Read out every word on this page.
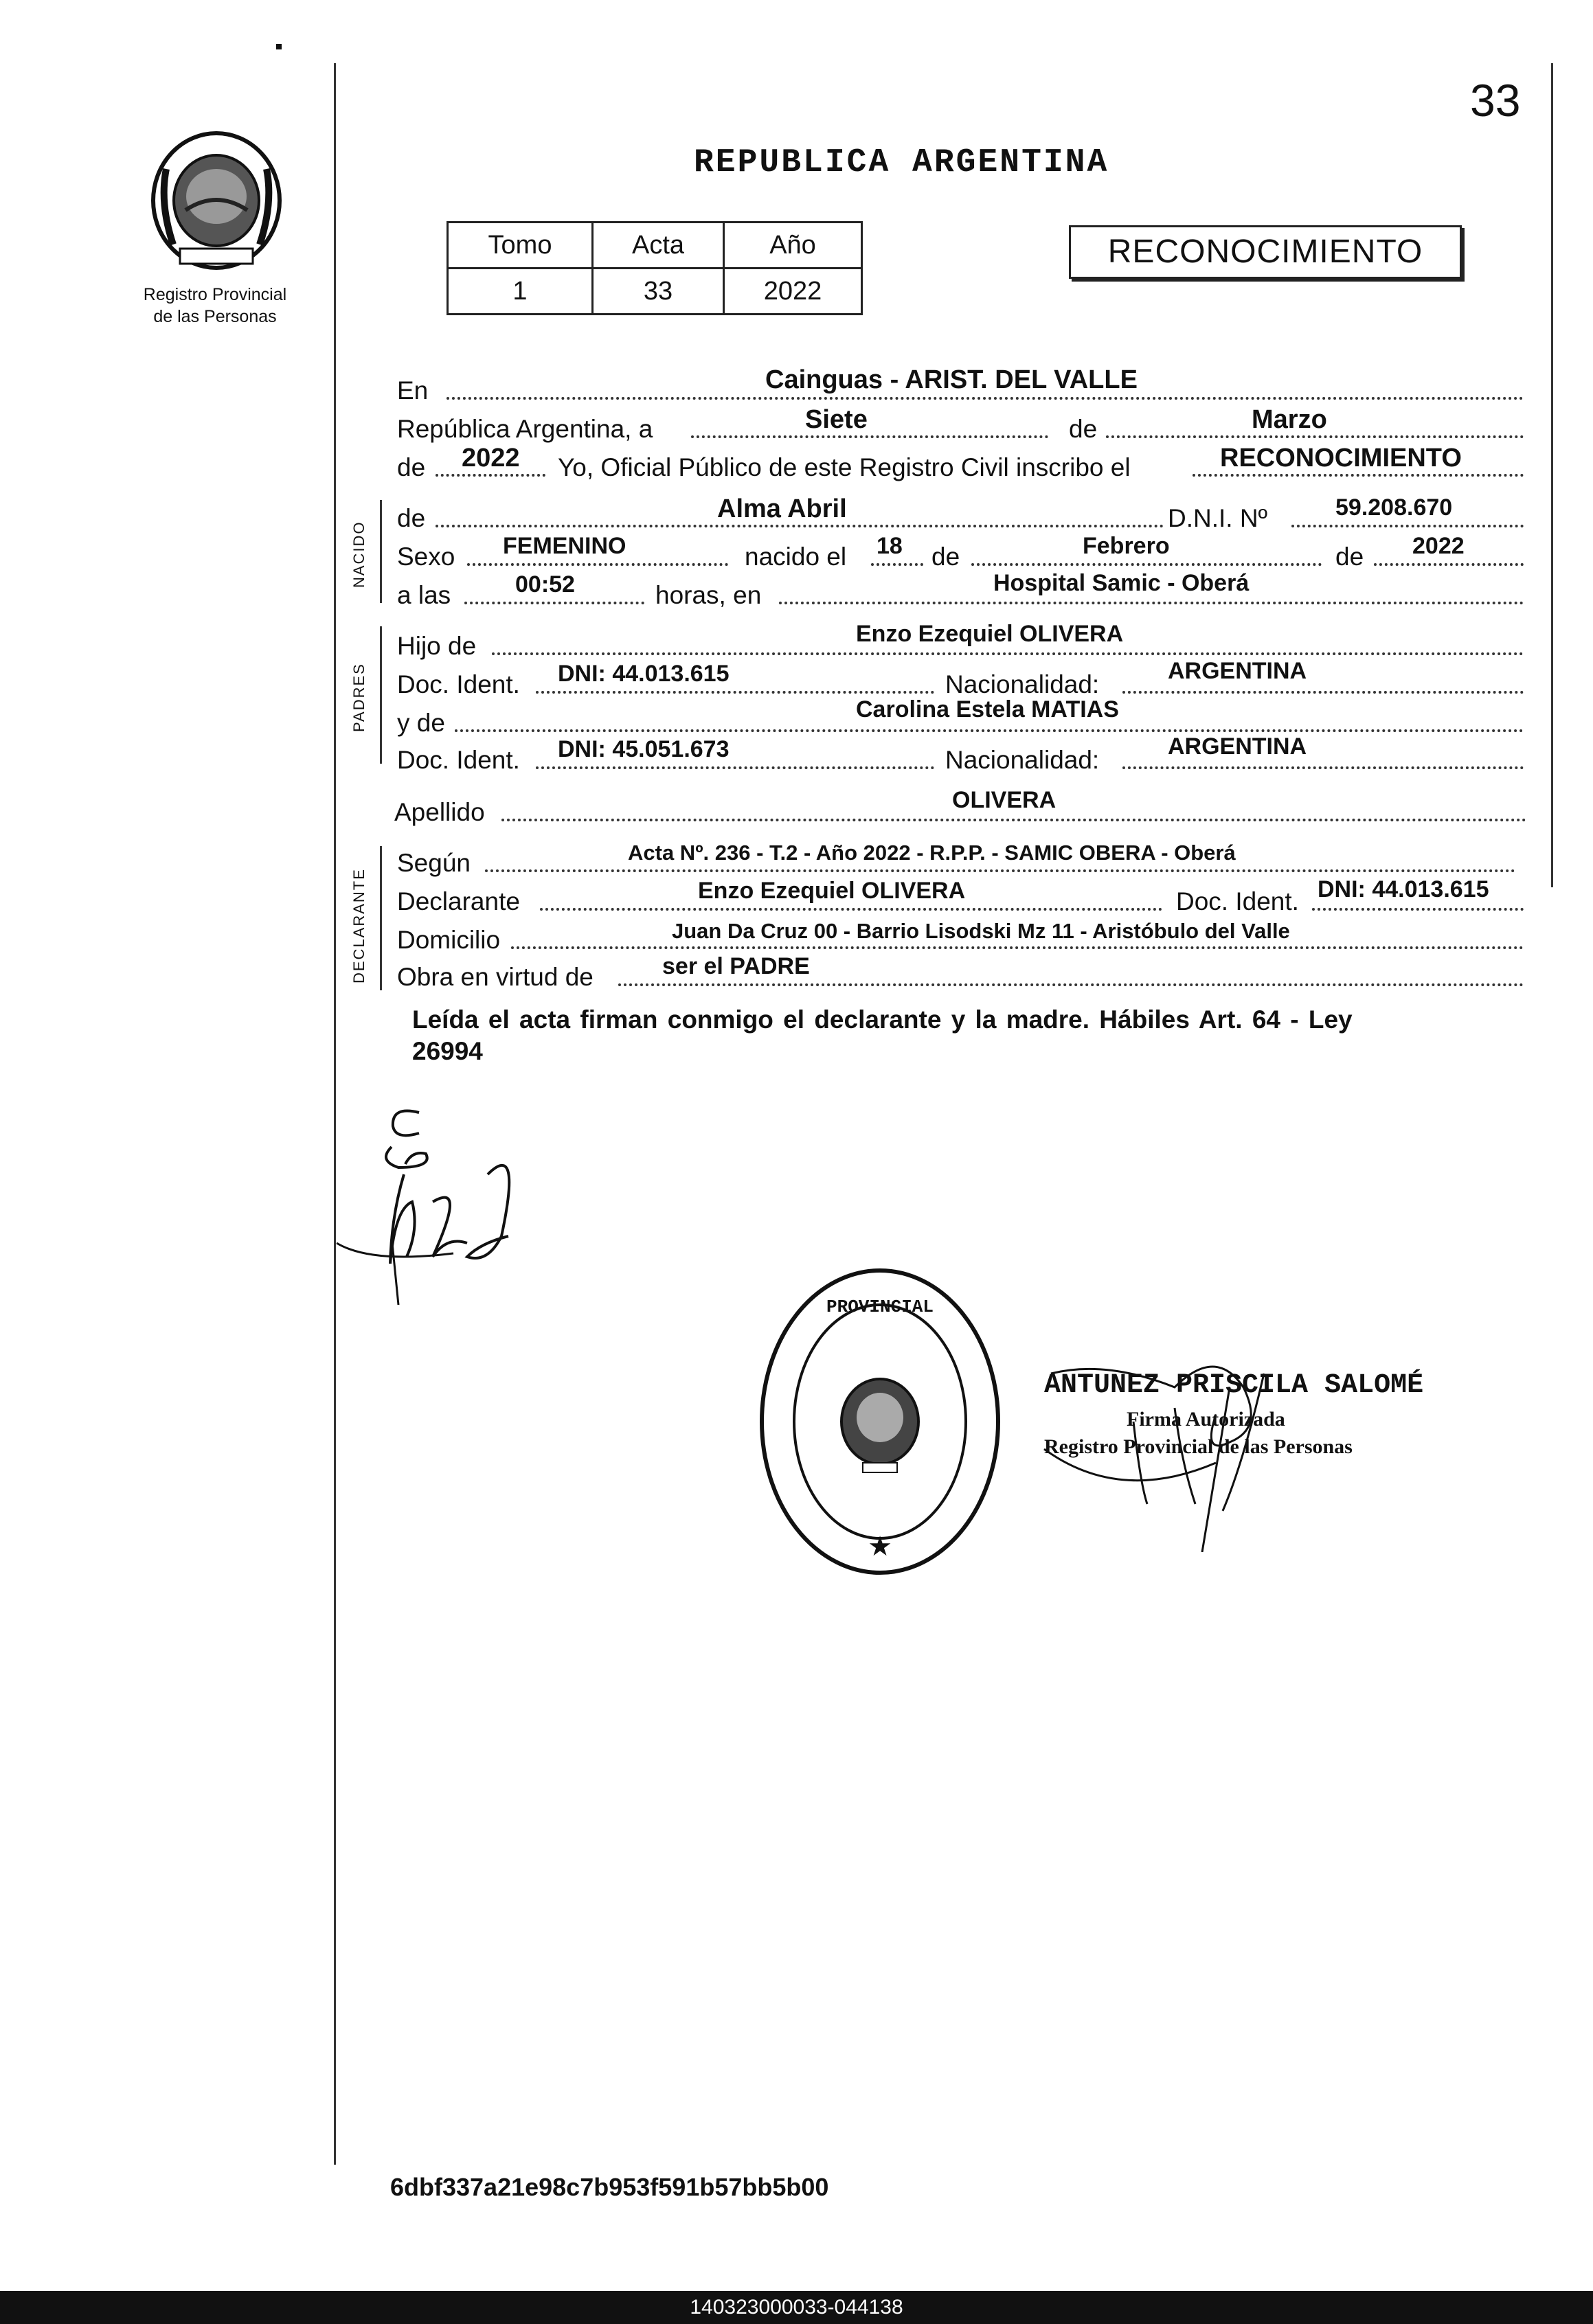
Registro Provincial
de las Personas
33
REPUBLICA ARGENTINA
Tomo	Acta	Año
1	33	2022
RECONOCIMIENTO
NACIDO
PADRES
DECLARANTE
En	Cainguas - ARIST. DEL VALLE
República Argentina, a	Siete	de	Marzo
de 2022 Yo, Oficial Público de este Registro Civil inscribo el	RECONOCIMIENTO
de	Alma Abril	D.N.I. Nº	59.208.670
Sexo FEMENINO	nacido el 18 de	Febrero	de 2022
a las	00:52	horas, en	Hospital Samic - Oberá
Hijo de	Enzo Ezequiel OLIVERA
Doc. Ident. DNI: 44.013.615	Nacionalidad:	ARGENTINA
y de	Carolina Estela MATIAS
Doc. Ident. DNI: 45.051.673	Nacionalidad:	ARGENTINA
Apellido	OLIVERA
Según	Acta Nº. 236 - T.2 - Año 2022 - R.P.P. - SAMIC OBERA - Oberá
Declarante	Enzo Ezequiel OLIVERA	Doc. Ident. DNI: 44.013.615
Domicilio	Juan Da Cruz 00 - Barrio Lisodski Mz 11 - Aristóbulo del Valle
Obra en virtud de	ser el PADRE
Leída el acta firman conmigo el declarante y la madre. Hábiles Art. 64 - Ley
26994
PROVINCIAL
★
ANTUNEZ PRISCILA SALOMÉ
Firma Autorizada
Registro Provincial de las Personas
6dbf337a21e98c7b953f591b57bb5b00
140323000033-044138
